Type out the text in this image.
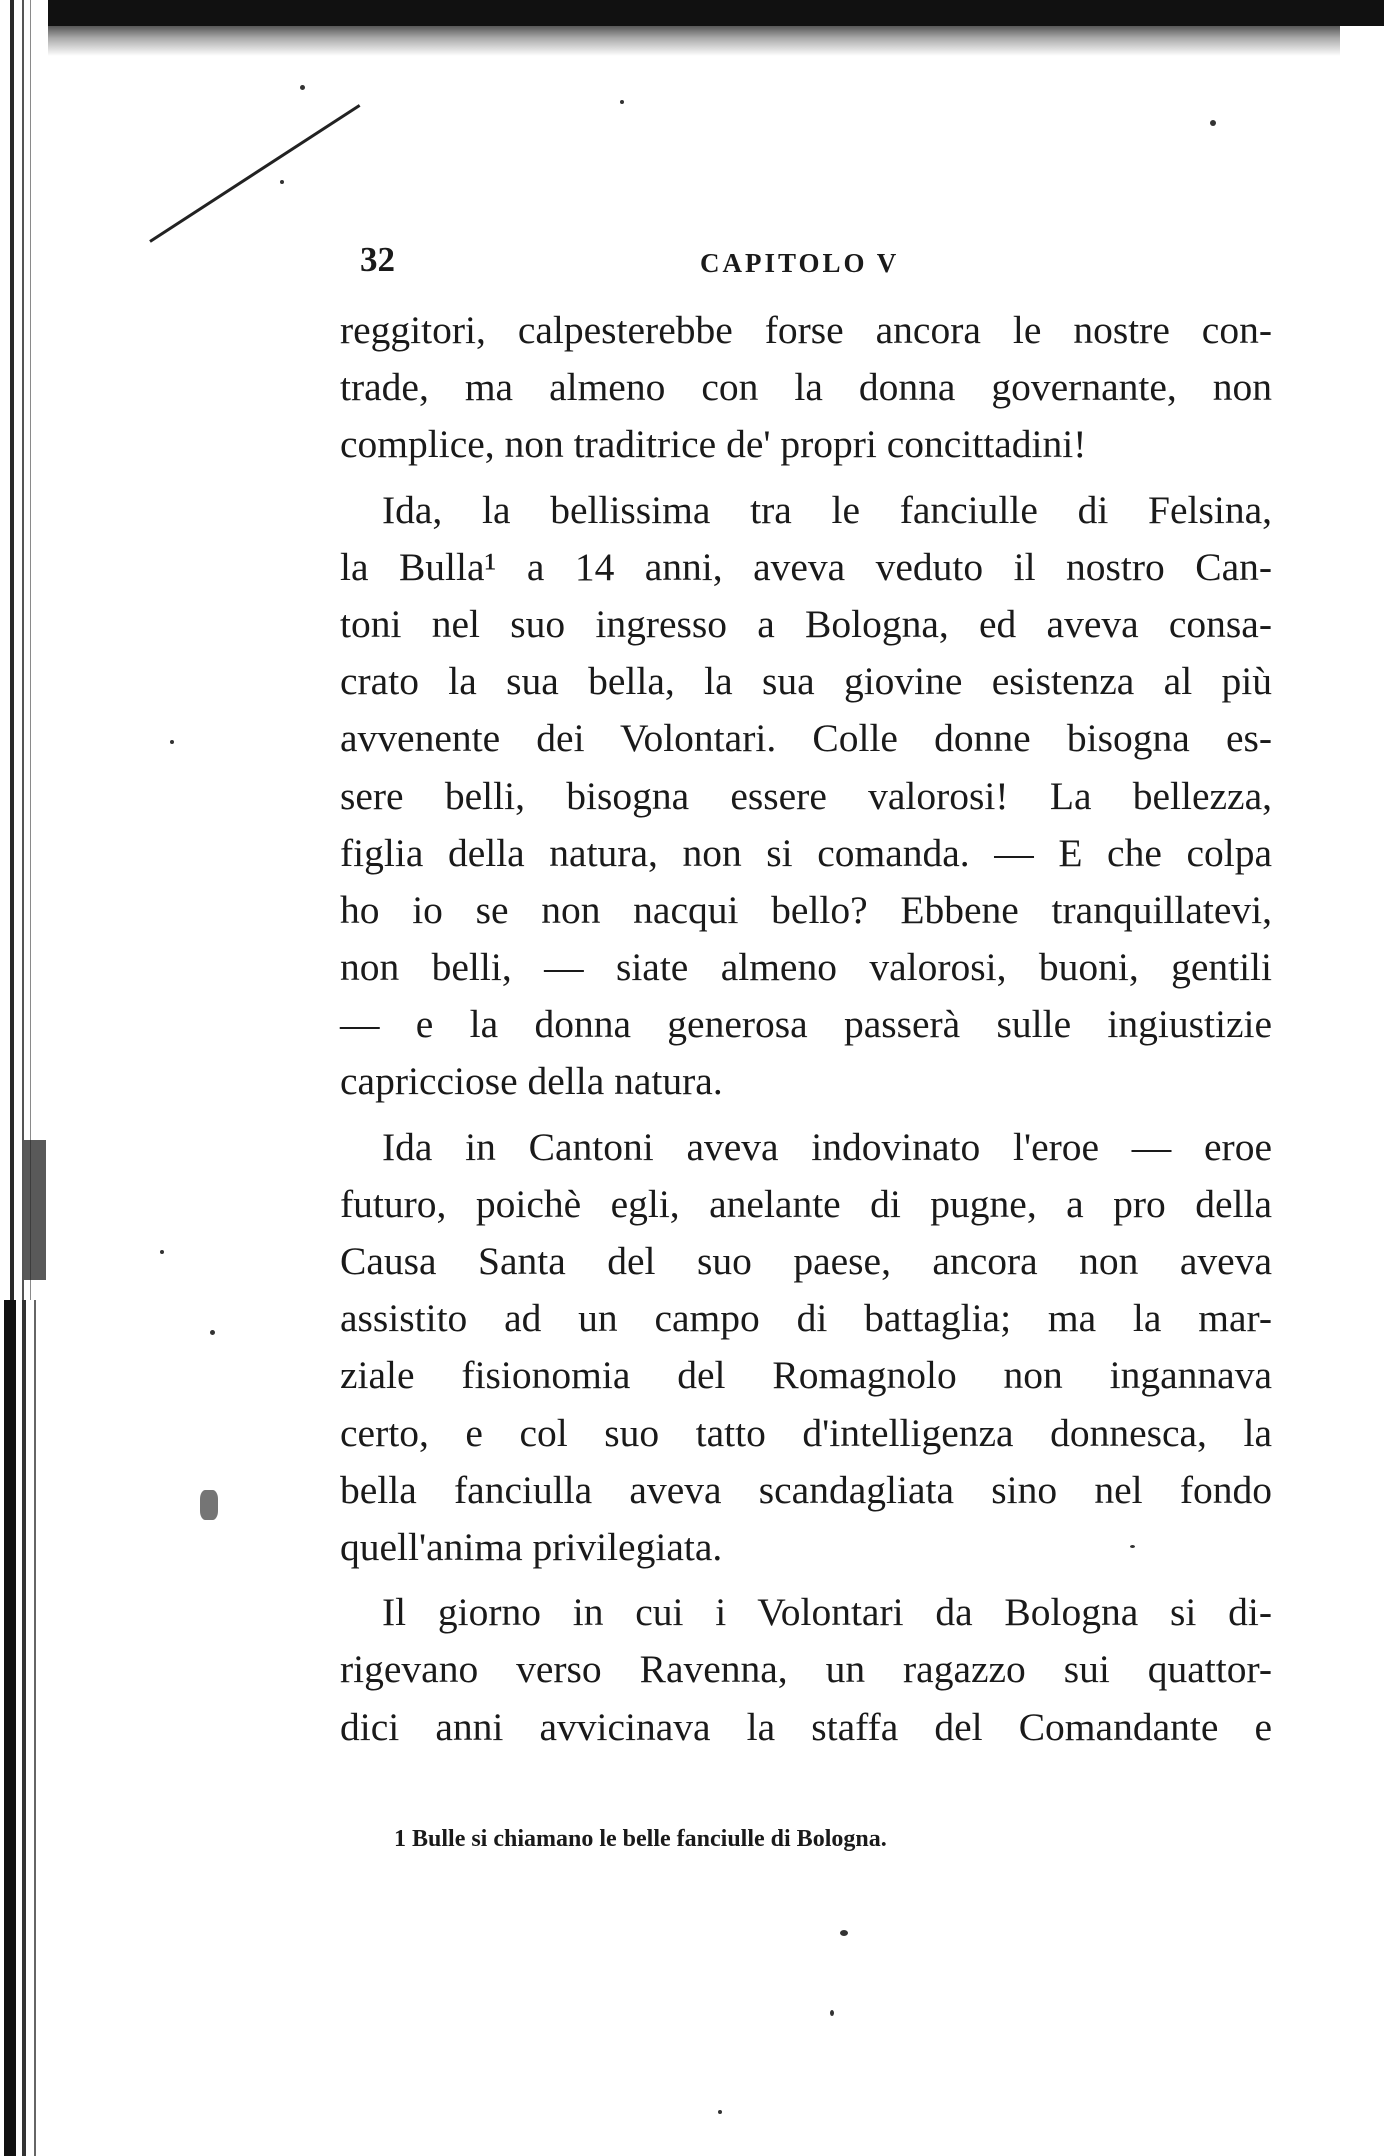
32	CAPITOLO V
reggitori, calpesterebbe forse ancora le nostre con-
trade, ma almeno con la donna governante, non
complice, non traditrice de' propri concittadini!
Ida, la bellissima tra le fanciulle di Felsina,
la Bulla¹ a 14 anni, aveva veduto il nostro Can-
toni nel suo ingresso a Bologna, ed aveva consa-
crato la sua bella, la sua giovine esistenza al più
avvenente dei Volontari. Colle donne bisogna es-
sere belli, bisogna essere valorosi! La bellezza,
figlia della natura, non si comanda. — E che colpa
ho io se non nacqui bello? Ebbene tranquillatevi,
non belli, — siate almeno valorosi, buoni, gentili
— e la donna generosa passerà sulle ingiustizie
capricciose della natura.
Ida in Cantoni aveva indovinato l'eroe — eroe
futuro, poichè egli, anelante di pugne, a pro della
Causa Santa del suo paese, ancora non aveva
assistito ad un campo di battaglia; ma la mar-
ziale fisionomia del Romagnolo non ingannava
certo, e col suo tatto d'intelligenza donnesca, la
bella fanciulla aveva scandagliata sino nel fondo
quell'anima privilegiata.
Il giorno in cui i Volontari da Bologna si di-
rigevano verso Ravenna, un ragazzo sui quattor-
dici anni avvicinava la staffa del Comandante e
1 Bulle si chiamano le belle fanciulle di Bologna.
